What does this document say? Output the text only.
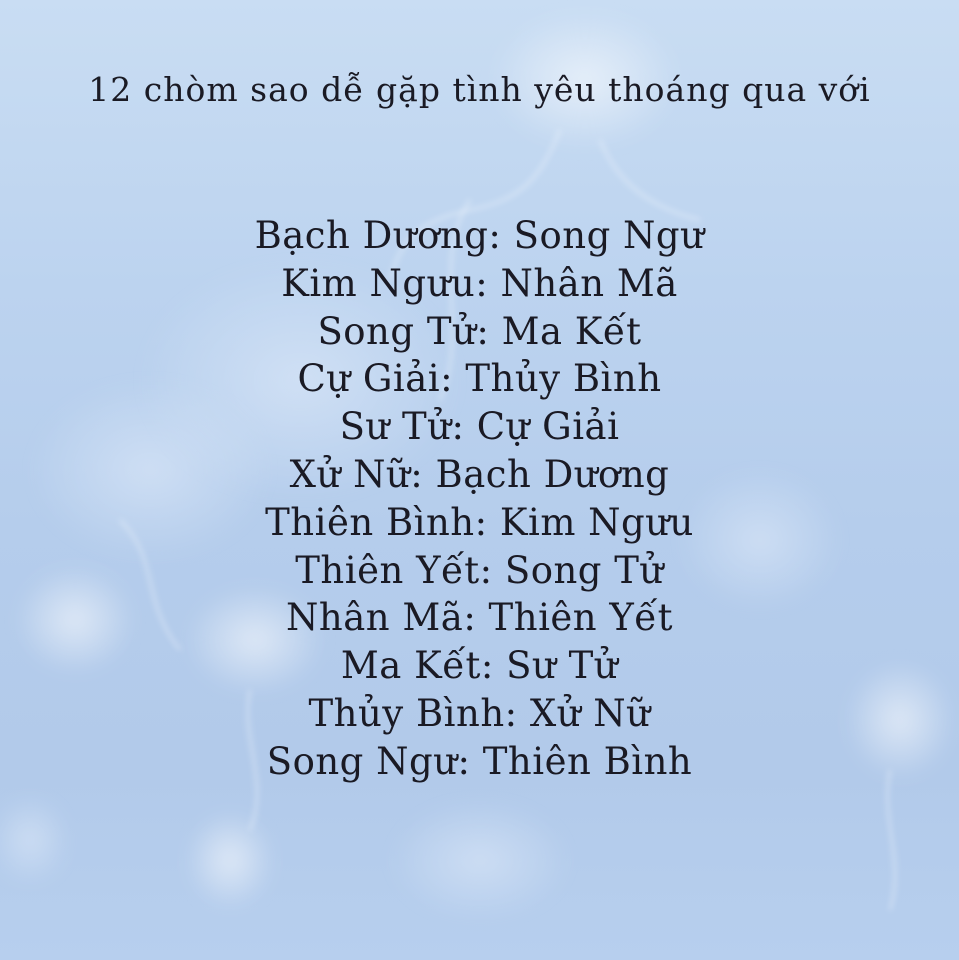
12 chòm sao dễ gặp tình yêu thoáng qua với
Bạch Dương: Song Ngư
Kim Ngưu: Nhân Mã
Song Tử: Ma Kết
Cự Giải: Thủy Bình
Sư Tử: Cự Giải
Xử Nữ: Bạch Dương
Thiên Bình: Kim Ngưu
Thiên Yết: Song Tử
Nhân Mã: Thiên Yết
Ma Kết: Sư Tử
Thủy Bình: Xử Nữ
Song Ngư: Thiên Bình
